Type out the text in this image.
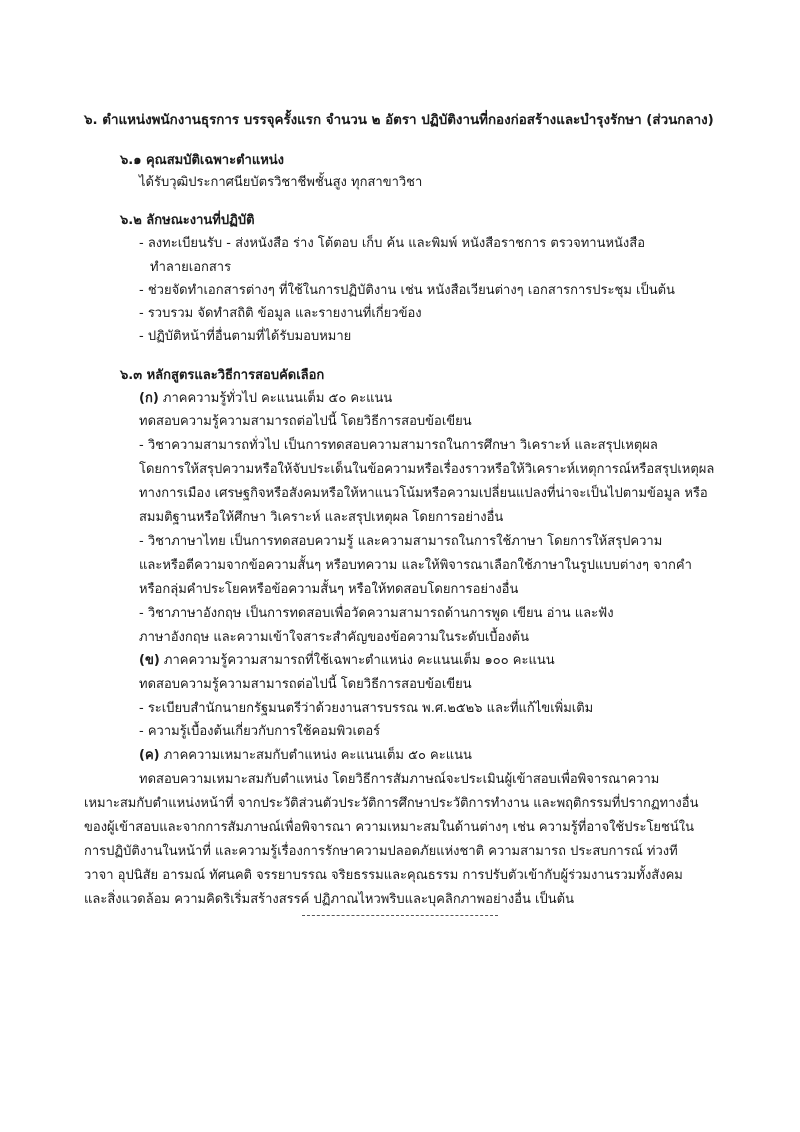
๖. ตำแหน่งพนักงานธุรการ บรรจุครั้งแรก จำนวน ๒ อัตรา ปฏิบัติงานที่กองก่อสร้างและบำรุงรักษา (ส่วนกลาง)
๖.๑ คุณสมบัติเฉพาะตำแหน่ง
ได้รับวุฒิประกาศนียบัตรวิชาชีพชั้นสูง ทุกสาขาวิชา
๖.๒ ลักษณะงานที่ปฏิบัติ
- ลงทะเบียนรับ - ส่งหนังสือ ร่าง โต้ตอบ เก็บ ค้น และพิมพ์ หนังสือราชการ ตรวจทานหนังสือ
ทำลายเอกสาร
- ช่วยจัดทำเอกสารต่างๆ ที่ใช้ในการปฏิบัติงาน เช่น หนังสือเวียนต่างๆ เอกสารการประชุม เป็นต้น
- รวบรวม จัดทำสถิติ ข้อมูล และรายงานที่เกี่ยวข้อง
- ปฏิบัติหน้าที่อื่นตามที่ได้รับมอบหมาย
๖.๓ หลักสูตรและวิธีการสอบคัดเลือก
(ก) ภาคความรู้ทั่วไป คะแนนเต็ม ๕๐ คะแนน
ทดสอบความรู้ความสามารถต่อไปนี้ โดยวิธีการสอบข้อเขียน
- วิชาความสามารถทั่วไป เป็นการทดสอบความสามารถในการศึกษา วิเคราะห์ และสรุปเหตุผล
โดยการให้สรุปความหรือให้จับประเด็นในข้อความหรือเรื่องราวหรือให้วิเคราะห์เหตุการณ์หรือสรุปเหตุผล
ทางการเมือง เศรษฐกิจหรือสังคมหรือให้หาแนวโน้มหรือความเปลี่ยนแปลงที่น่าจะเป็นไปตามข้อมูล หรือ
สมมติฐานหรือให้ศึกษา วิเคราะห์ และสรุปเหตุผล โดยการอย่างอื่น
- วิชาภาษาไทย เป็นการทดสอบความรู้ และความสามารถในการใช้ภาษา โดยการให้สรุปความ
และหรือตีความจากข้อความสั้นๆ หรือบทความ และให้พิจารณาเลือกใช้ภาษาในรูปแบบต่างๆ จากคำ
หรือกลุ่มคำประโยคหรือข้อความสั้นๆ หรือให้ทดสอบโดยการอย่างอื่น
- วิชาภาษาอังกฤษ เป็นการทดสอบเพื่อวัดความสามารถด้านการพูด เขียน อ่าน และฟัง
ภาษาอังกฤษ และความเข้าใจสาระสำคัญของข้อความในระดับเบื้องต้น
(ข) ภาคความรู้ความสามารถที่ใช้เฉพาะตำแหน่ง คะแนนเต็ม ๑๐๐ คะแนน
ทดสอบความรู้ความสามารถต่อไปนี้ โดยวิธีการสอบข้อเขียน
- ระเบียบสำนักนายกรัฐมนตรีว่าด้วยงานสารบรรณ พ.ศ.๒๕๒๖ และที่แก้ไขเพิ่มเติม
- ความรู้เบื้องต้นเกี่ยวกับการใช้คอมพิวเตอร์
(ค) ภาคความเหมาะสมกับตำแหน่ง คะแนนเต็ม ๕๐ คะแนน
ทดสอบความเหมาะสมกับตำแหน่ง โดยวิธีการสัมภาษณ์จะประเมินผู้เข้าสอบเพื่อพิจารณาความ
เหมาะสมกับตำแหน่งหน้าที่ จากประวัติส่วนตัวประวัติการศึกษาประวัติการทำงาน และพฤติกรรมที่ปรากฏทางอื่น
ของผู้เข้าสอบและจากการสัมภาษณ์เพื่อพิจารณา ความเหมาะสมในด้านต่างๆ เช่น ความรู้ที่อาจใช้ประโยชน์ใน
การปฏิบัติงานในหน้าที่ และความรู้เรื่องการรักษาความปลอดภัยแห่งชาติ ความสามารถ ประสบการณ์ ท่วงที
วาจา อุปนิสัย อารมณ์ ทัศนคติ จรรยาบรรณ จริยธรรมและคุณธรรม การปรับตัวเข้ากับผู้ร่วมงานรวมทั้งสังคม
และสิ่งแวดล้อม ความคิดริเริ่มสร้างสรรค์ ปฏิภาณไหวพริบและบุคลิกภาพอย่างอื่น เป็นต้น
